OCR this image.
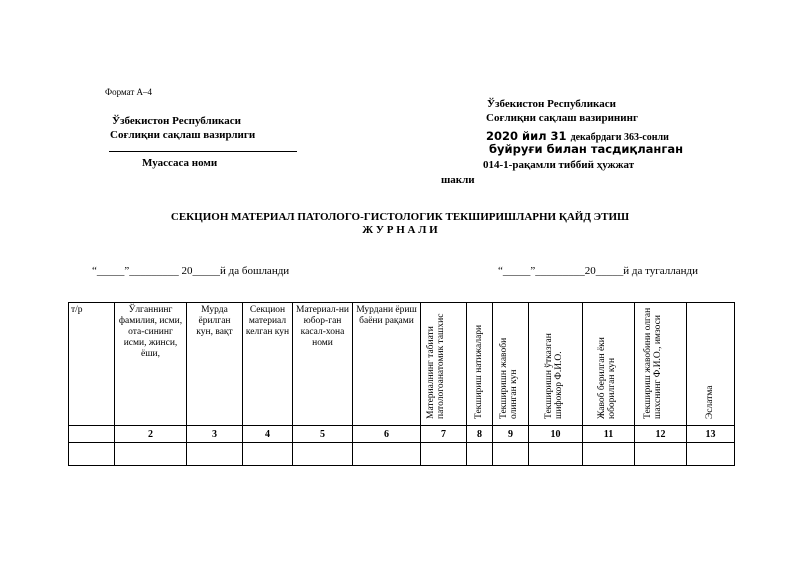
Формат А–4
Ўзбекистон Республикаси
Соғлиқни сақлаш вазирлиги
Муассаса номи
Ўзбекистон Республикаси
Соғлиқни сақлаш вазирининг
2020 йил 31 декабрдаги 363-сонли
буйруғи билан тасдиқланган
014-1-рақамли тиббий ҳужжат
шакли
СЕКЦИОН МАТЕРИАЛ ПАТОЛОГО-ГИСТОЛОГИК ТЕКШИРИШЛАРНИ ҚАЙД ЭТИШ
Ж У Р Н А Л И
“_____”_________ 20_____й да бошланди	“_____”_________20_____й да тугалланди
т/р	Ўлганнинг фамилия, исми, ота-сининг исми, жинси, ёши,	Мурда ёрилган кун, вақт	Секцион материал келган кун	Материал-ни юбор-ган касал-хона номи	Мурдани ёриш баёни рақами	Материалнинг табиати патологоанатомик ташхис	Текшириш натижалари	Текширишн жавоби олинган кун	Текширишн ўтказган шифокор Ф.И.О.	Жавоб берилган ёки юборилган кун	Текшириш жавобини олган шахснинг Ф.И.О., имзоси	Эслатма
	2	3	4	5	6	7	8	9	10	11	12	13
